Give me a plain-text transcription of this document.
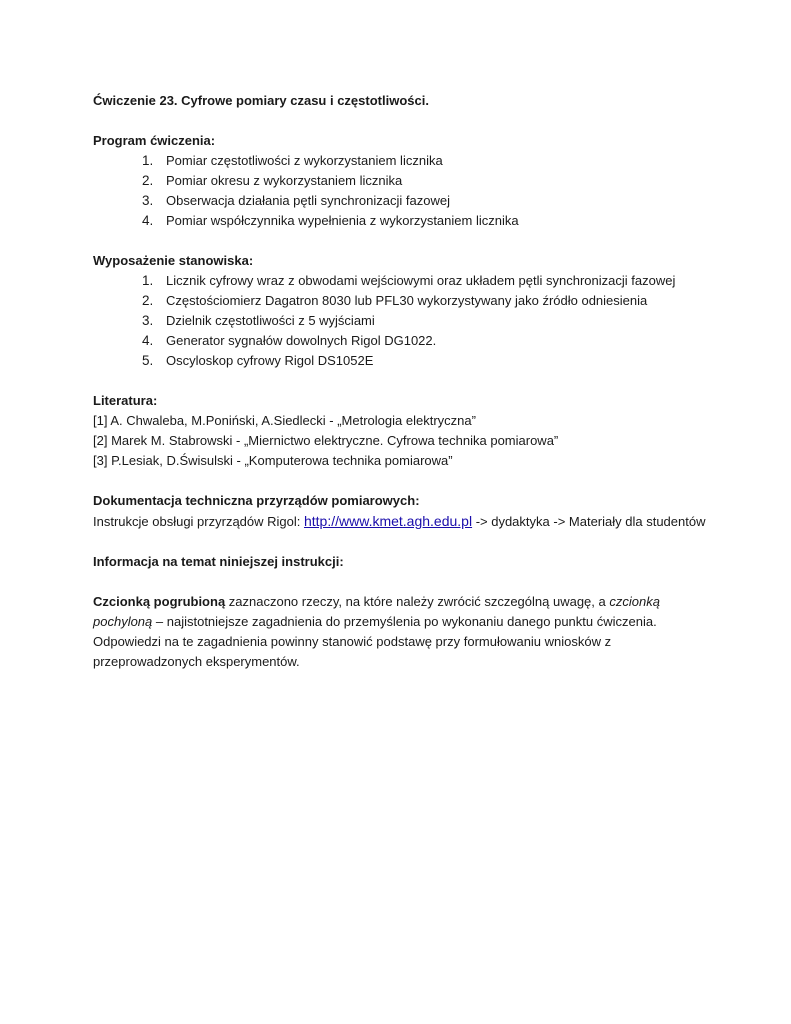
Ćwiczenie 23. Cyfrowe pomiary czasu i częstotliwości.

Program ćwiczenia:

1. Pomiar częstotliwości z wykorzystaniem licznika
2. Pomiar okresu z wykorzystaniem licznika
3. Obserwacja działania pętli synchronizacji fazowej
4. Pomiar współczynnika wypełnienia z wykorzystaniem licznika

Wyposażenie stanowiska:

1. Licznik cyfrowy wraz z obwodami wejściowymi oraz układem pętli synchronizacji fazowej
2. Częstościomierz Dagatron 8030 lub PFL30 wykorzystywany jako źródło odniesienia
3. Dzielnik częstotliwości z 5 wyjściami
4. Generator sygnałów dowolnych Rigol DG1022.
5. Oscyloskop cyfrowy Rigol DS1052E

Literatura:

[1] A. Chwaleba, M.Poniński, A.Siedlecki - „Metrologia elektryczna”

[2] Marek M. Stabrowski - „Miernictwo elektryczne. Cyfrowa technika pomiarowa”

[3] P.Lesiak, D.Świsulski - „Komputerowa technika pomiarowa”

Dokumentacja techniczna przyrządów pomiarowych:

Instrukcje obsługi przyrządów Rigol: http://www.kmet.agh.edu.pl -> dydaktyka -> Materiały dla studentów

Informacja na temat niniejszej instrukcji:

Czcionką pogrubioną zaznaczono rzeczy, na które należy zwrócić szczególną uwagę, a czcionką pochyloną – najistotniejsze zagadnienia do przemyślenia po wykonaniu danego punktu ćwiczenia. Odpowiedzi na te zagadnienia powinny stanowić podstawę przy formułowaniu wniosków z przeprowadzonych eksperymentów.
